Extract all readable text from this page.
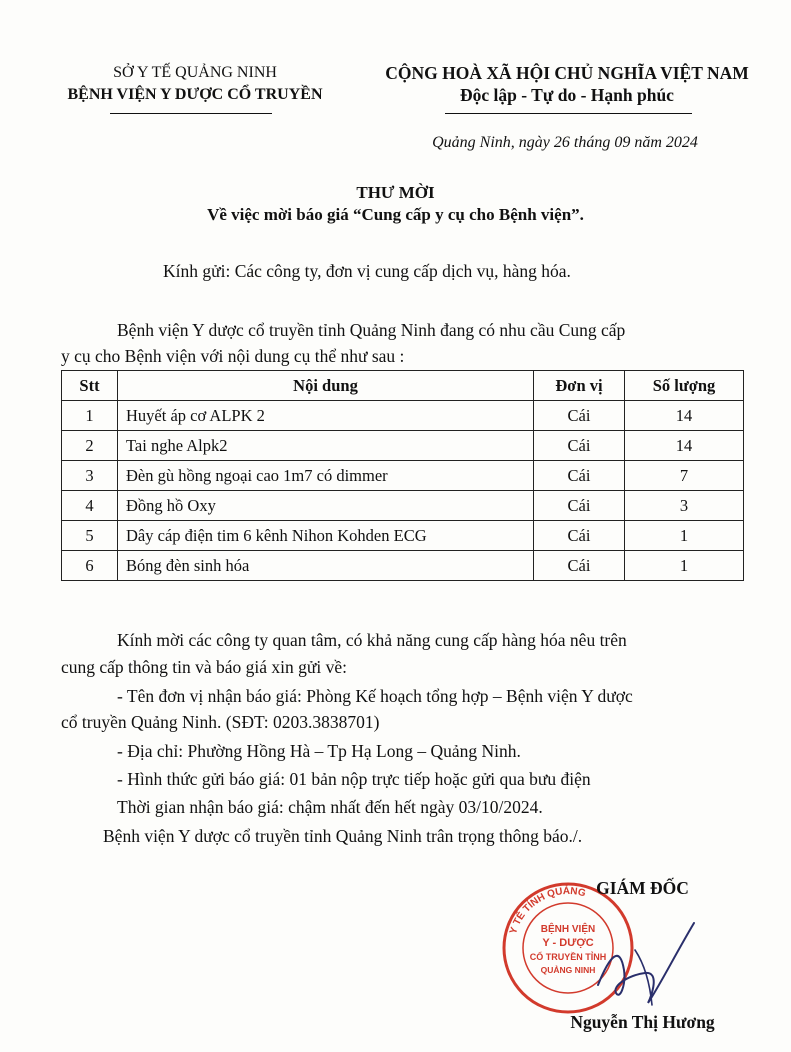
SỞ Y TẾ QUẢNG NINH
BỆNH VIỆN Y DƯỢC CỔ TRUYỀN
CỘNG HOÀ XÃ HỘI CHỦ NGHĨA VIỆT NAM
Độc lập - Tự do - Hạnh phúc
Quảng Ninh, ngày 26 tháng 09 năm 2024
THƯ MỜI
Về việc mời báo giá “Cung cấp y cụ cho Bệnh viện”.
Kính gửi: Các công ty, đơn vị cung cấp dịch vụ, hàng hóa.
Bệnh viện Y dược cổ truyền tỉnh Quảng Ninh đang có nhu cầu Cung cấp
y cụ cho Bệnh viện với nội dung cụ thể như sau :
Stt	Nội dung	Đơn vị	Số lượng
1	Huyết áp cơ ALPK 2	Cái	14
2	Tai nghe Alpk2	Cái	14
3	Đèn gù hồng ngoại cao 1m7 có dimmer	Cái	7
4	Đồng hồ Oxy	Cái	3
5	Dây cáp điện tim 6 kênh Nihon Kohden ECG	Cái	1
6	Bóng đèn sinh hóa	Cái	1
Kính mời các công ty quan tâm, có khả năng cung cấp hàng hóa nêu trên
cung cấp thông tin và báo giá xin gửi về:
- Tên đơn vị nhận báo giá: Phòng Kế hoạch tổng hợp – Bệnh viện Y dược
cổ truyền Quảng Ninh. (SĐT: 0203.3838701)
- Địa chỉ: Phường Hồng Hà – Tp Hạ Long – Quảng Ninh.
- Hình thức gửi báo giá: 01 bản nộp trực tiếp hoặc gửi qua bưu điện
Thời gian nhận báo giá: chậm nhất đến hết ngày 03/10/2024.
Bệnh viện Y dược cổ truyền tỉnh Quảng Ninh trân trọng thông báo./.
Y TẾ TỈNH QUẢNG
BỆNH VIỆN
Y - DƯỢC
CỔ TRUYỀN TỈNH
QUẢNG NINH
GIÁM ĐỐC
Nguyễn Thị Hương
